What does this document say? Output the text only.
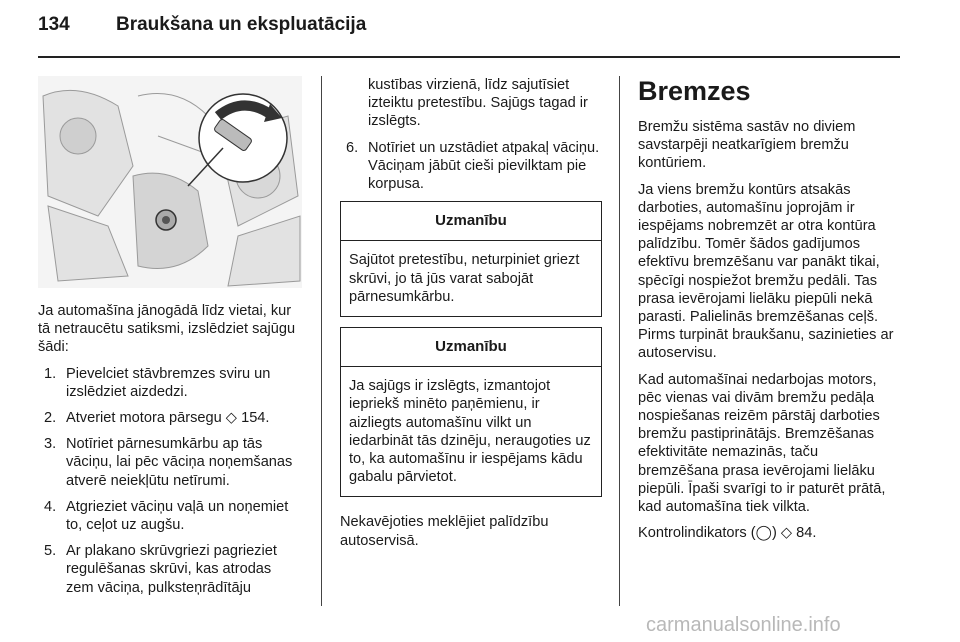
134 Braukšana un ekspluatācija

Ja automašīna jānogādā līdz vietai, kur tā netraucētu satiksmi, izslēdziet sajūgu šādi:

1. Pievelciet stāvbremzes sviru un izslēdziet aizdedzi.
2. Atveriet motora pārsegu ◇ 154.
3. Notīriet pārnesumkārbu ap tās vāciņu, lai pēc vāciņa noņemšanas atverē neiekļūtu netīrumi.
4. Atgrieziet vāciņu vaļā un noņemiet to, ceļot uz augšu.
5. Ar plakano skrūvgriezi pagrieziet regulēšanas skrūvi, kas atrodas zem vāciņa, pulksteņrādītāju
kustības virzienā, līdz sajutīsiet izteiktu pretestību. Sajūgs tagad ir izslēgts.
6. Notīriet un uzstādiet atpakaļ vāciņu. Vāciņam jābūt cieši pievilktam pie korpusa.
Uzmanību
Sajūtot pretestību, neturpiniet griezt skrūvi, jo tā jūs varat sabojāt pārnesumkārbu.
Uzmanību
Ja sajūgs ir izslēgts, izmantojot iepriekš minēto paņēmienu, ir aizliegts automašīnu vilkt un iedarbināt tās dzinēju, neraugoties uz to, ka automašīnu ir iespējams kādu gabalu pārvietot.

Nekavējoties meklējiet palīdzību autoservisā.

Bremzes

Bremžu sistēma sastāv no diviem savstarpēji neatkarīgiem bremžu kontūriem.

Ja viens bremžu kontūrs atsakās darboties, automašīnu joprojām ir iespējams nobremzēt ar otra kontūra palīdzību. Tomēr šādos gadījumos efektīvu bremzēšanu var panākt tikai, spēcīgi nospiežot bremžu pedāli. Tas prasa ievērojami lielāku piepūli nekā parasti. Palielinās bremzēšanas ceļš. Pirms turpināt braukšanu, sazinieties ar autoservisu.

Kad automašīnai nedarbojas motors, pēc vienas vai divām bremžu pedāļa nospiešanas reizēm pārstāj darboties bremžu pastiprinātājs. Bremzēšanas efektivitāte nemazinās, taču bremzēšana prasa ievērojami lielāku piepūli. Īpaši svarīgi to ir paturēt prātā, kad automašīna tiek vilkta.

Kontrolindikators (◯) ◇ 84.

carmanualsonline.info
